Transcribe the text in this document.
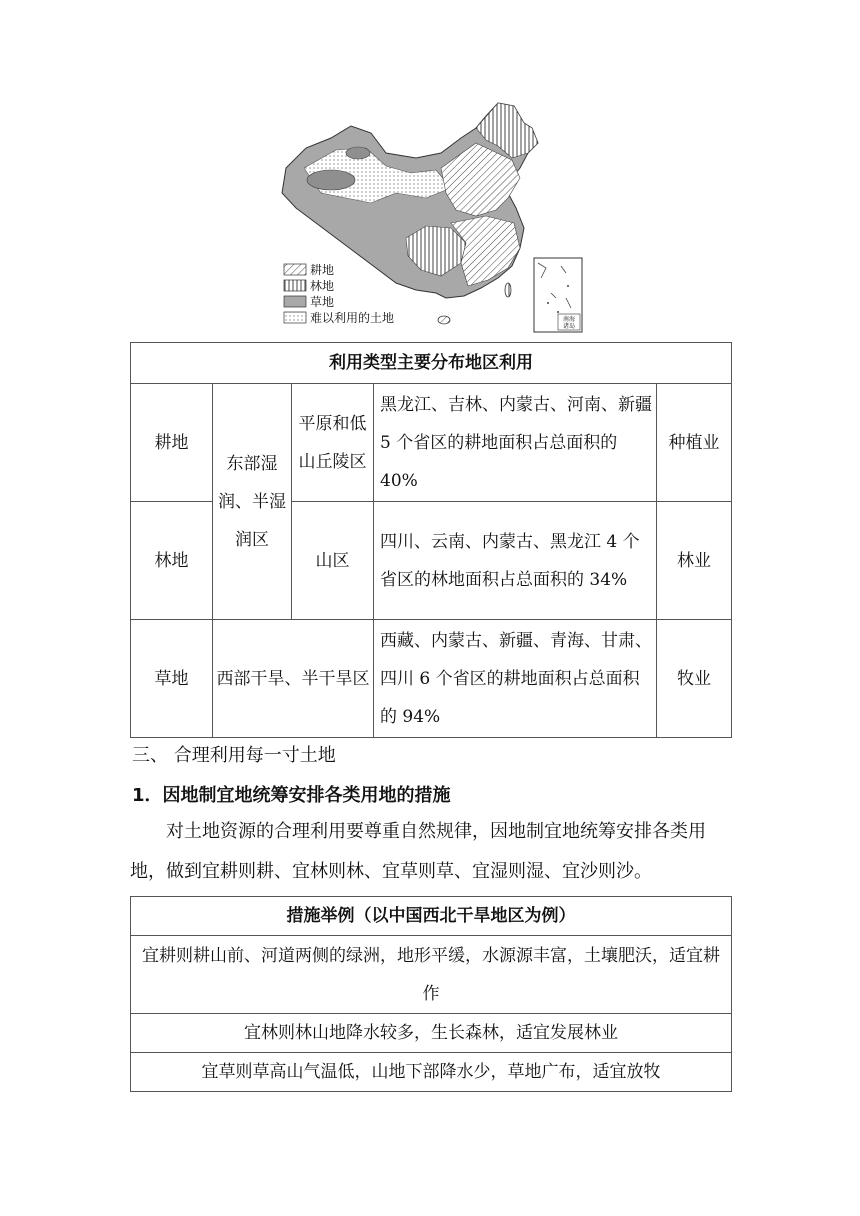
南海
诸岛
耕地
林地
草地
难以利用的土地
利用类型主要分布地区利用				
耕地	东部湿润、半湿润区	平原和低山丘陵区	黑龙江、吉林、内蒙古、河南、新疆 5 个省区的耕地面积占总面积的 40%	种植业
林地		山区	四川、云南、内蒙古、黑龙江 4 个省区的林地面积占总面积的 34%	林业
草地	西部干旱、半干旱区		西藏、内蒙古、新疆、青海、甘肃、四川 6 个省区的耕地面积占总面积的 94%	牧业
三、 合理利用每一寸土地
1．因地制宜地统筹安排各类用地的措施
对土地资源的合理利用要尊重自然规律，因地制宜地统筹安排各类用地，做到宜耕则耕、宜林则林、宜草则草、宜湿则湿、宜沙则沙。
措施举例（以中国西北干旱地区为例）
宜耕则耕山前、河道两侧的绿洲，地形平缓，水源源丰富，土壤肥沃，适宜耕作
宜林则林山地降水较多，生长森林，适宜发展林业
宜草则草高山气温低，山地下部降水少，草地广布，适宜放牧
